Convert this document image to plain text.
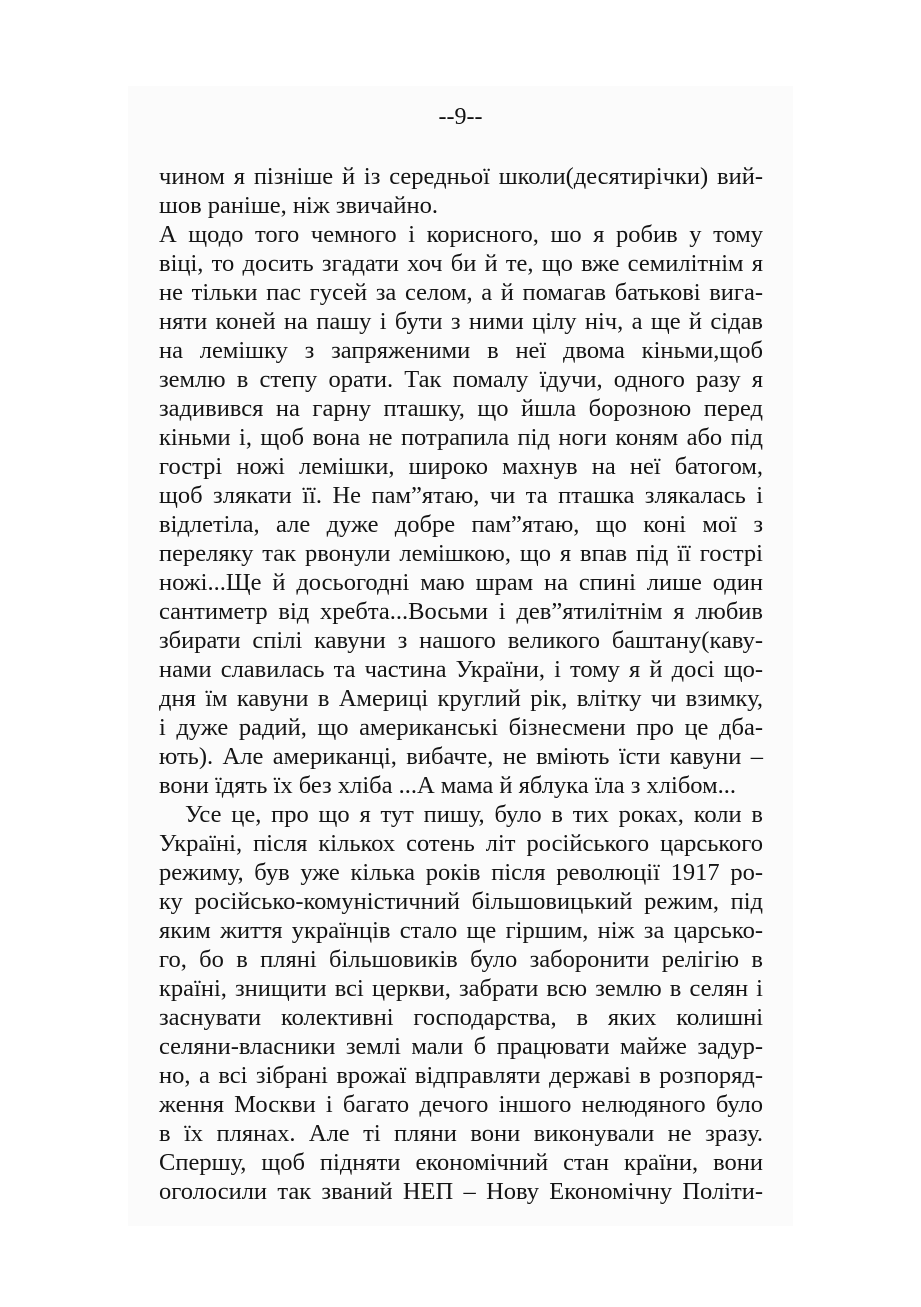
--9--
чином я пізніше й із середньої школи(десятирічки) вий-
шов раніше, ніж звичайно.
А щодо того чемного і корисного, шо я робив у тому
віці, то досить згадати хоч би й те, що вже семилітнім я
не тільки пас гусей за селом, а й помагав батькові вига-
няти коней на пашу і бути з ними цілу ніч, а ще й сідав
на лемішку з запряженими в неї двома кіньми,щоб
землю в степу орати. Так помалу їдучи, одного разу я
задивився на гарну пташку, що йшла борозною перед
кіньми і, щоб вона не потрапила під ноги коням або під
гострі ножі лемішки, широко махнув на неї батогом,
щоб злякати її. Не пам”ятаю, чи та пташка злякалась і
відлетіла, але дуже добре пам”ятаю, що коні мої з
переляку так рвонули лемішкою, що я впав під її гострі
ножі...Ще й досьогодні маю шрам на спині лише один
сантиметр від хребта...Восьми і дев”ятилітнім я любив
збирати спілі кавуни з нашого великого баштану(каву-
нами славилась та частина України, і тому я й досі що-
дня їм кавуни в Америці круглий рік, влітку чи взимку,
і дуже радий, що американські бізнесмени про це дба-
ють). Але американці, вибачте, не вміють їсти кавуни –
вони їдять їх без хліба ...А мама й яблука їла з хлібом...
Усе це, про що я тут пишу, було в тих роках, коли в
Україні, після кількох сотень літ російського царського
режиму, був уже кілька років після революції 1917 ро-
ку російсько-комуністичний більшовицький режим, під
яким життя українців стало ще гіршим, ніж за царсько-
го, бо в пляні більшовиків було заборонити релігію в
країні, знищити всі церкви, забрати всю землю в селян і
заснувати колективні господарства, в яких колишні
селяни-власники землі мали б працювати майже задур-
но, а всі зібрані врожаї відправляти державі в розпоряд-
ження Москви і багато дечого іншого нелюдяного було
в їх плянах. Але ті пляни вони виконували не зразу.
Спершу, щоб підняти економічний стан країни, вони
оголосили так званий НЕП – Нову Економічну Політи-
